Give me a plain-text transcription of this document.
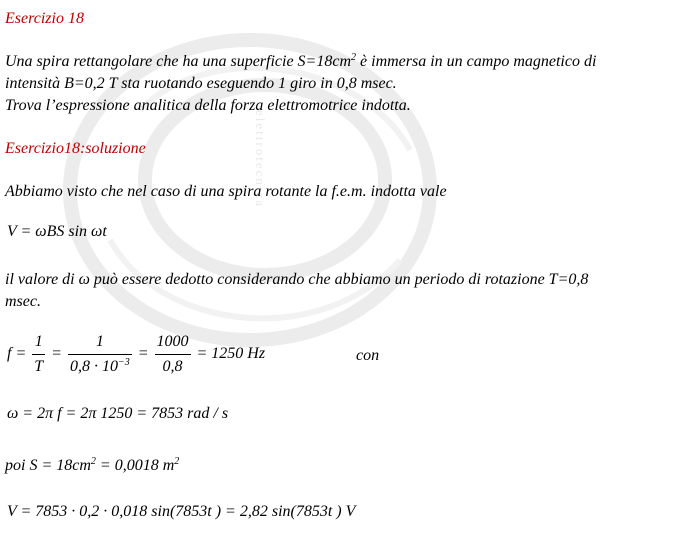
elettrotecnica
Esercizio 18
Una spira rettangolare che ha una superficie $S=18cm^2$ è immersa in un campo magnetico di
intensità B=0,2 T sta ruotando eseguendo 1 giro in 0,8 msec.
Trova l’espressione analitica della forza elettromotrice indotta.
Esercizio18:soluzione
Abbiamo visto che nel caso di una spira rotante la f.e.m. indotta vale
V = ωBS sin ωt
il valore di ω può essere dedotto considerando che abbiamo un periodo di rotazione T=0,8
msec.
$f = \frac{1}{T} = \frac{1}{0,8 \cdot 10^{-3}} = \frac{1000}{0,8} = 1250$ Hz	con
ω = 2π f = 2π 1250 = 7853 rad / s
poi $S = 18cm^2 = 0,0018$ $m^2$
V = 7853 · 0,2 · 0,018 sin(7853t ) = 2,82 sin(7853t ) V
